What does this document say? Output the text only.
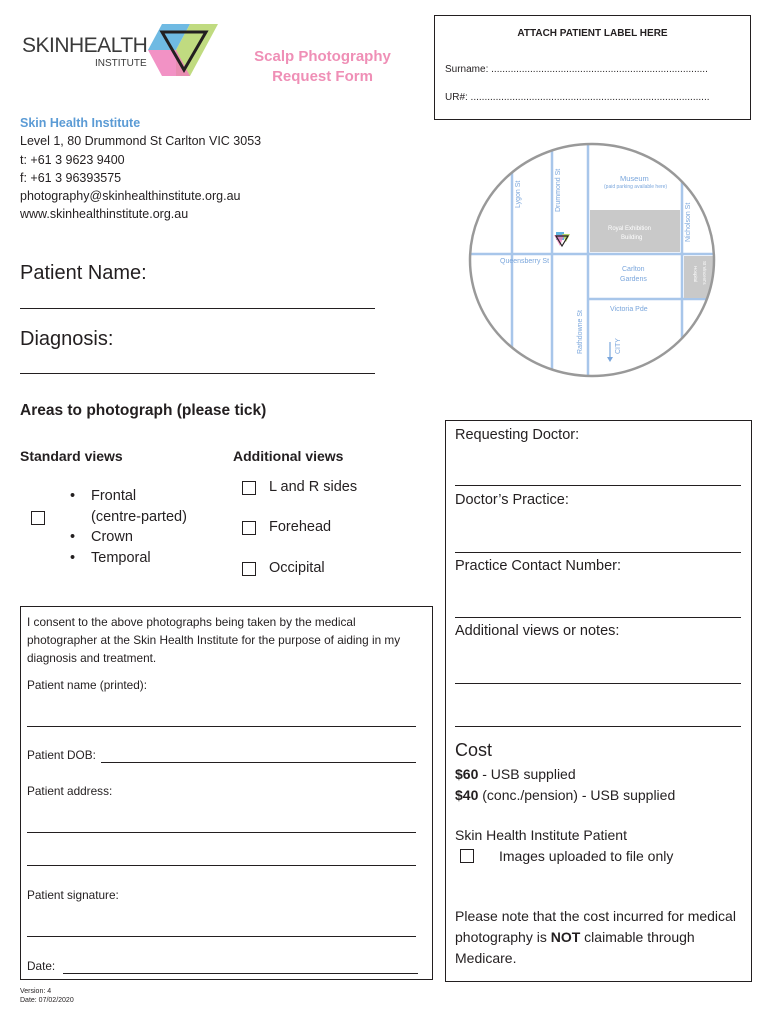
SKINHEALTH
INSTITUTE	Scalp Photography
Request Form
ATTACH PATIENT LABEL HERE
Surname: ..............................................................................
UR#: ......................................................................................
Skin Health Institute
Level 1, 80 Drummond St Carlton VIC 3053
t: +61 3 9623 9400
f: +61 3 96393575
photography@skinhealthinstitute.org.au
www.skinhealthinstitute.org.au
Lygon St	Drummond St
Nicholson St
Queensberry St
Rathdowne St
Victoria Pde
Museum
(paid parking available here)
CITY
Carlton
Gardens
Royal Exhibition
Building
St Vincent's
Hospital
Patient Name:
Diagnosis:
Areas to photograph (please tick)
Standard views	Additional views
• Frontal
(centre-parted)
• Crown
• Temporal
L and R sides
Forehead
Occipital
I consent to the above photographs being taken by the medical photographer at the Skin Health Institute for the purpose of aiding in my diagnosis and treatment.
Patient name (printed):
Patient DOB:
Patient address:
Patient signature:
Date:
Requesting Doctor:
Doctor’s Practice:
Practice Contact Number:
Additional views or notes:
Cost
$60 - USB supplied
$40 (conc./pension) - USB supplied
Skin Health Institute Patient
Images uploaded to file only
Please note that the cost incurred for medical photography is NOT claimable through Medicare.
Version: 4
Date: 07/02/2020
